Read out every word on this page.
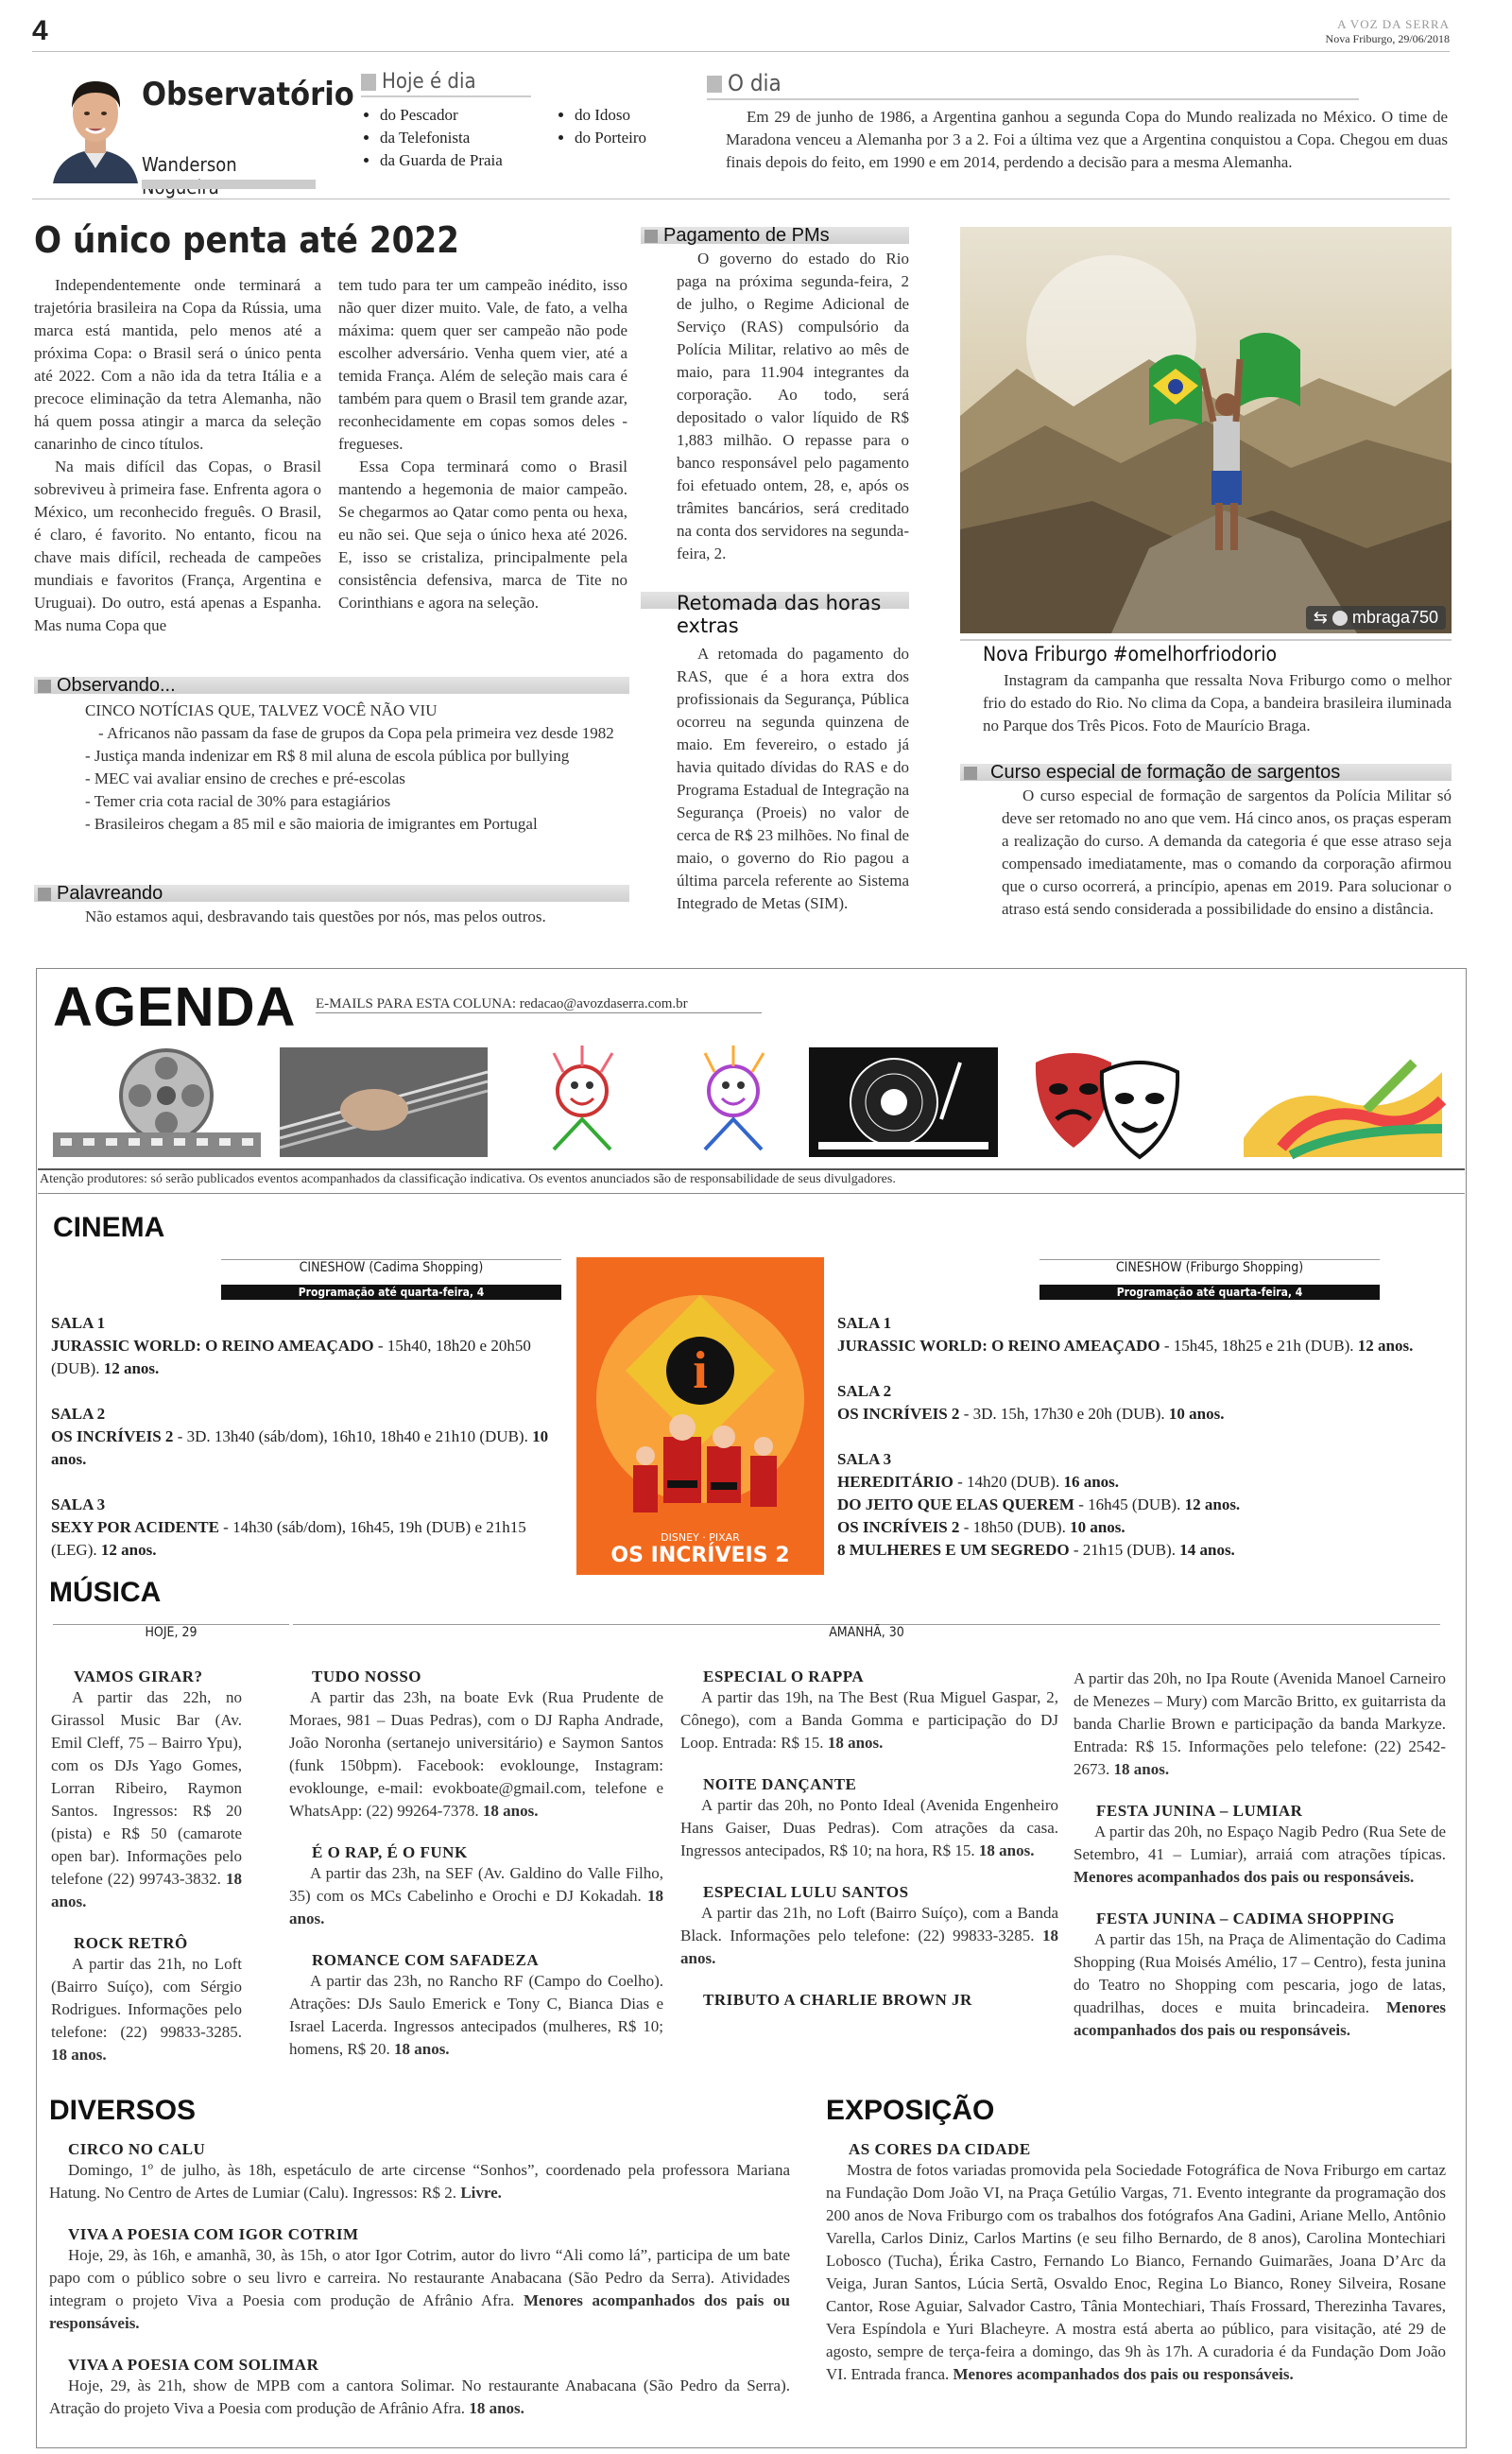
4	A VOZ DA SERRA
Nova Friburgo, 29/06/2018
Observatório
Wanderson
Hoje é dia
• do Pescador
• da Telefonista
• da Guarda de Praia
• do Idoso
• do Porteiro
O dia
Em 29 de junho de 1986, a Argentina ganhou a segunda Copa do Mundo realizada no México. O time de Maradona venceu a Alemanha por 3 a 2. Foi a última vez que a Argentina conquistou a Copa. Chegou em duas finais depois do feito, em 1990 e em 2014, perdendo a decisão para a mesma Alemanha.
O único penta até 2022

Independentemente onde terminará a trajetória brasileira na Copa da Rússia, uma marca está mantida, pelo menos até a próxima Copa: o Brasil será o único penta até 2022. Com a não ida da tetra Itália e a precoce eliminação da tetra Alemanha, não há quem possa atingir a marca da seleção canarinho de cinco títulos.

Na mais difícil das Copas, o Brasil sobreviveu à primeira fase. Enfrenta agora o México, um reconhecido freguês. O Brasil, é claro, é favorito. No entanto, ficou na chave mais difícil, recheada de campeões mundiais e favoritos (França, Argentina e Uruguai). Do outro, está apenas a Espanha. Mas numa Copa que

tem tudo para ter um campeão inédito, isso não quer dizer muito. Vale, de fato, a velha máxima: quem quer ser campeão não pode escolher adversário. Venha quem vier, até a temida França. Além de seleção mais cara é também para quem o Brasil tem grande azar, reconhecidamente em copas somos deles - fregueses.

Essa Copa terminará como o Brasil mantendo a hegemonia de maior campeão. Se chegarmos ao Qatar como penta ou hexa, eu não sei. Que seja o único hexa até 2026. E, isso se cristaliza, principalmente pela consistência defensiva, marca de Tite no Corinthians e agora na seleção.

Observando...
CINCO NOTÍCIAS QUE, TALVEZ VOCÊ NÃO VIU
- Africanos não passam da fase de grupos da Copa pela primeira vez desde 1982
- Justiça manda indenizar em R$ 8 mil aluna de escola pública por bullying
- MEC vai avaliar ensino de creches e pré-escolas
- Temer cria cota racial de 30% para estagiários
- Brasileiros chegam a 85 mil e são maioria de imigrantes em Portugal
Palavreando
Não estamos aqui, desbravando tais questões por nós, mas pelos outros.
Pagamento de PMs
O governo do estado do Rio paga na próxima segunda-feira, 2 de julho, o Regime Adicional de Serviço (RAS) compulsório da Polícia Militar, relativo ao mês de maio, para 11.904 integrantes da corporação. Ao todo, será depositado o valor líquido de R$ 1,883 milhão. O repasse para o banco responsável pelo pagamento foi efetuado ontem, 28, e, após os trâmites bancários, será creditado na conta dos servidores na segunda-feira, 2.
Retomada das horas extras
A retomada do pagamento do RAS, que é a hora extra dos profissionais da Segurança, Pública ocorreu na segunda quinzena de maio. Em fevereiro, o estado já havia quitado dívidas do RAS e do Programa Estadual de Integração na Segurança (Proeis) no valor de cerca de R$ 23 milhões. No final de maio, o governo do Rio pagou a última parcela referente ao Sistema Integrado de Metas (SIM).
⇆ mbraga750
Nova Friburgo #omelhorfriodorio
Instagram da campanha que ressalta Nova Friburgo como o melhor frio do estado do Rio. No clima da Copa, a bandeira brasileira iluminada no Parque dos Três Picos. Foto de Maurício Braga.
Curso especial de formação de sargentos
O curso especial de formação de sargentos da Polícia Militar só deve ser retomado no ano que vem. Há cinco anos, os praças esperam a realização do curso. A demanda da categoria é que esse atraso seja compensado imediatamente, mas o comando da corporação afirmou que o curso ocorrerá, a princípio, apenas em 2019. Para solucionar o atraso está sendo considerada a possibilidade do ensino a distância.
AGENDA E-MAILS PARA ESTA COLUNA: redacao@avozdaserra.com.br
Atenção produtores: só serão publicados eventos acompanhados da classificação indicativa. Os eventos anunciados são de responsabilidade de seus divulgadores.
CINEMA
CINESHOW (Cadima Shopping)
Programação até quarta-feira, 4
SALA 1
JURASSIC WORLD: O REINO AMEAÇADO - 15h40, 18h20 e 20h50 (DUB). 12 anos.
SALA 2
OS INCRÍVEIS 2 - 3D. 13h40 (sáb/dom), 16h10, 18h40 e 21h10 (DUB). 10 anos.
SALA 3
SEXY POR ACIDENTE - 14h30 (sáb/dom), 16h45, 19h (DUB) e 21h15 (LEG). 12 anos.
i
DISNEY · PIXAR
OS INCRÍVEIS 2
CINESHOW (Friburgo Shopping)
Programação até quarta-feira, 4
SALA 1
JURASSIC WORLD: O REINO AMEAÇADO - 15h45, 18h25 e 21h (DUB). 12 anos.
SALA 2
OS INCRÍVEIS 2 - 3D. 15h, 17h30 e 20h (DUB). 10 anos.
SALA 3
HEREDITÁRIO - 14h20 (DUB). 16 anos.
DO JEITO QUE ELAS QUEREM - 16h45 (DUB). 12 anos.
OS INCRÍVEIS 2 - 18h50 (DUB). 10 anos.
8 MULHERES E UM SEGREDO - 21h15 (DUB). 14 anos.
MÚSICA
HOJE, 29	AMANHÃ, 30
VAMOS GIRAR?
A partir das 22h, no Girassol Music Bar (Av. Emil Cleff, 75 – Bairro Ypu), com os DJs Yago Gomes, Lorran Ribeiro, Raymon Santos. Ingressos: R$ 20 (pista) e R$ 50 (camarote open bar). Informações pelo telefone (22) 99743-3832. 18 anos.
ROCK RETRÔ
A partir das 21h, no Loft (Bairro Suíço), com Sérgio Rodrigues. Informações pelo telefone: (22) 99833-3285. 18 anos.
TUDO NOSSO
A partir das 23h, na boate Evk (Rua Prudente de Moraes, 981 – Duas Pedras), com o DJ Rapha Andrade, João Noronha (sertanejo universitário) e Saymon Santos (funk 150bpm). Facebook: evoklounge, Instagram: evoklounge, e-mail: evokboate@gmail.com, telefone e WhatsApp: (22) 99264-7378. 18 anos.
É O RAP, É O FUNK
A partir das 23h, na SEF (Av. Galdino do Valle Filho, 35) com os MCs Cabelinho e Orochi e DJ Kokadah. 18 anos.
ROMANCE COM SAFADEZA
A partir das 23h, no Rancho RF (Campo do Coelho). Atrações: DJs Saulo Emerick e Tony C, Bianca Dias e Israel Lacerda. Ingressos antecipados (mulheres, R$ 10; homens, R$ 20. 18 anos.
ESPECIAL O RAPPA
A partir das 19h, na The Best (Rua Miguel Gaspar, 2, Cônego), com a Banda Gomma e participação do DJ Loop. Entrada: R$ 15. 18 anos.
NOITE DANÇANTE
A partir das 20h, no Ponto Ideal (Avenida Engenheiro Hans Gaiser, Duas Pedras). Com atrações da casa. Ingressos antecipados, R$ 10; na hora, R$ 15. 18 anos.
ESPECIAL LULU SANTOS
A partir das 21h, no Loft (Bairro Suíço), com a Banda Black. Informações pelo telefone: (22) 99833-3285. 18 anos.
TRIBUTO A CHARLIE BROWN JR
A partir das 20h, no Ipa Route (Avenida Manoel Carneiro de Menezes – Mury) com Marcão Britto, ex guitarrista da banda Charlie Brown e participação da banda Markyze. Entrada: R$ 15. Informações pelo telefone: (22) 2542-2673. 18 anos.
FESTA JUNINA – LUMIAR
A partir das 20h, no Espaço Nagib Pedro (Rua Sete de Setembro, 41 – Lumiar), arraiá com atrações típicas. Menores acompanhados dos pais ou responsáveis.
FESTA JUNINA – CADIMA SHOPPING
A partir das 15h, na Praça de Alimentação do Cadima Shopping (Rua Moisés Amélio, 17 – Centro), festa junina do Teatro no Shopping com pescaria, jogo de latas, quadrilhas, doces e muita brincadeira. Menores acompanhados dos pais ou responsáveis.
DIVERSOS
CIRCO NO CALU
Domingo, 1º de julho, às 18h, espetáculo de arte circense “Sonhos”, coordenado pela professora Mariana Hatung. No Centro de Artes de Lumiar (Calu). Ingressos: R$ 2. Livre.
VIVA A POESIA COM IGOR COTRIM
Hoje, 29, às 16h, e amanhã, 30, às 15h, o ator Igor Cotrim, autor do livro “Ali como lá”, participa de um bate papo com o público sobre o seu livro e carreira. No restaurante Anabacana (São Pedro da Serra). Atividades integram o projeto Viva a Poesia com produção de Afrânio Afra. Menores acompanhados dos pais ou responsáveis.
VIVA A POESIA COM SOLIMAR
Hoje, 29, às 21h, show de MPB com a cantora Solimar. No restaurante Anabacana (São Pedro da Serra). Atração do projeto Viva a Poesia com produção de Afrânio Afra. 18 anos.
EXPOSIÇÃO
AS CORES DA CIDADE
Mostra de fotos variadas promovida pela Sociedade Fotográfica de Nova Friburgo em cartaz na Fundação Dom João VI, na Praça Getúlio Vargas, 71. Evento integrante da programação dos 200 anos de Nova Friburgo com os trabalhos dos fotógrafos Ana Gadini, Ariane Mello, Antônio Varella, Carlos Diniz, Carlos Martins (e seu filho Bernardo, de 8 anos), Carolina Montechiari Lobosco (Tucha), Érika Castro, Fernando Lo Bianco, Fernando Guimarães, Joana D’Arc da Veiga, Juran Santos, Lúcia Sertã, Osvaldo Enoc, Regina Lo Bianco, Roney Silveira, Rosane Cantor, Rose Aguiar, Salvador Castro, Tânia Montechiari, Thaís Frossard, Therezinha Tavares, Vera Espíndola e Yuri Blacheyre. A mostra está aberta ao público, para visitação, até 29 de agosto, sempre de terça-feira a domingo, das 9h às 17h. A curadoria é da Fundação Dom João VI. Entrada franca. Menores acompanhados dos pais ou responsáveis.
